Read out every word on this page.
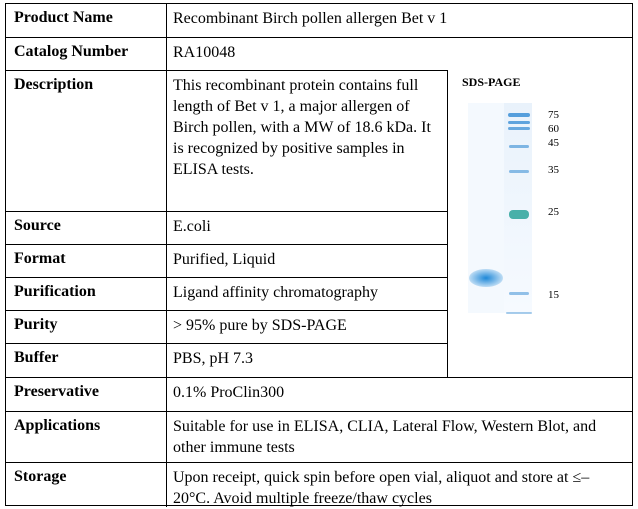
Product Name	Recombinant Birch pollen allergen Bet v 1
Catalog Number	RA10048
Description	This recombinant protein contains full length of Bet v 1, a major allergen of Birch pollen, with a MW of 18.6 kDa. It is recognized by positive samples in ELISA tests.
Source	E.coli
Format	Purified, Liquid
Purification	Ligand affinity chromatography
Purity	> 95% pure by SDS-PAGE
Buffer	PBS, pH 7.3
Preservative	0.1% ProClin300
Applications	Suitable for use in ELISA, CLIA, Lateral Flow, Western Blot, and other immune tests
Storage	Upon receipt, quick spin before open vial, aliquot and store at ≤–20°C. Avoid multiple freeze/thaw cycles
SDS-PAGE
75
60
45
35
25
15
